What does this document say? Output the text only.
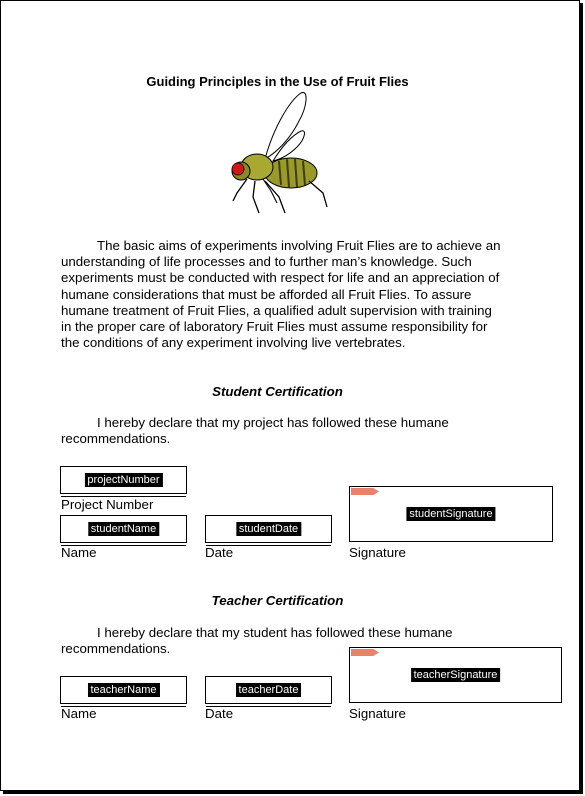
Guiding Principles in the Use of Fruit Flies
The basic aims of experiments involving Fruit Flies are to achieve an understanding of life processes and to further man’s knowledge. Such experiments must be conducted with respect for life and an appreciation of humane considerations that must be afforded all Fruit Flies. To assure humane treatment of Fruit Flies, a qualified adult supervision with training in the proper care of laboratory Fruit Flies must assume responsibility for the conditions of any experiment involving live vertebrates.
Student Certification
I hereby declare that my project has followed these humane recommendations.
projectNumber
Project Number
studentName
Name
studentDate
Date
studentSignature
Signature
Teacher Certification
I hereby declare that my student has followed these humane recommendations.
teacherName
Name
teacherDate
Date
teacherSignature
Signature
